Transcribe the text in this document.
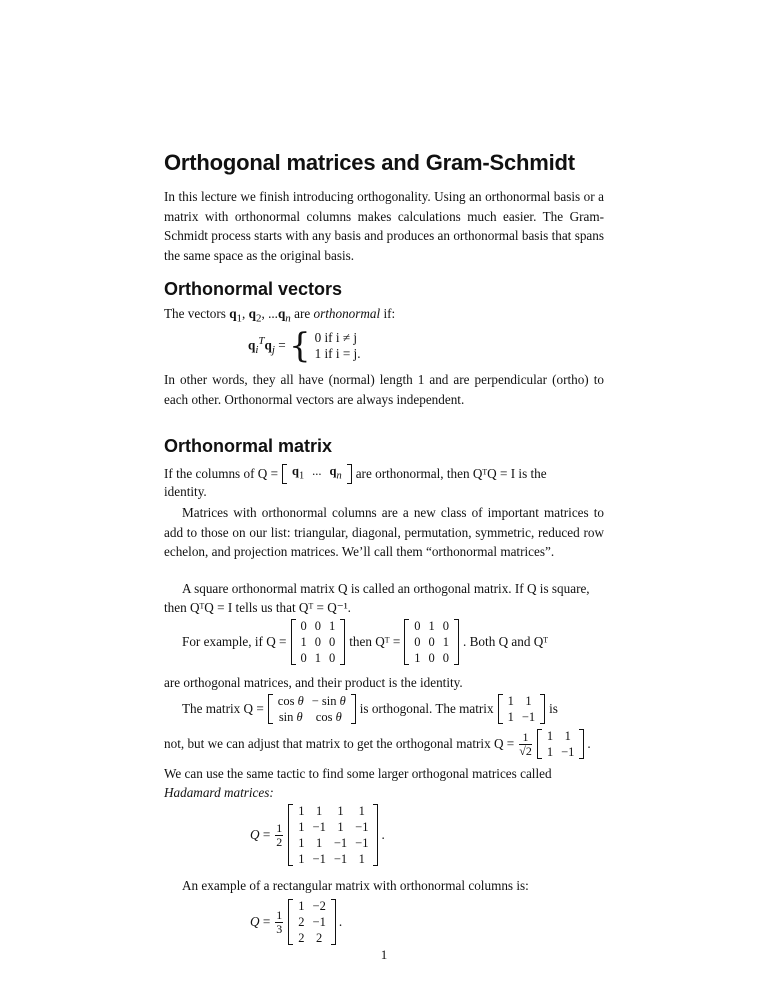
Orthogonal matrices and Gram-Schmidt
In this lecture we finish introducing orthogonality. Using an orthonormal basis or a matrix with orthonormal columns makes calculations much easier. The Gram-Schmidt process starts with any basis and produces an orthonormal basis that spans the same space as the original basis.
Orthonormal vectors
The vectors $q_1$, $q_2$, $...q_n$ are orthonormal if:
$q_i^Tq_j$ = { 0 if i ≠ j
1 if i = j.
In other words, they all have (normal) length 1 and are perpendicular (ortho) to each other. Orthonormal vectors are always independent.
Orthonormal matrix
If the columns of Q =	$q_1$ ... $q_n$	are orthonormal, then QᵀQ = I is the
identity.
Matrices with orthonormal columns are a new class of important matrices to add to those on our list: triangular, diagonal, permutation, symmetric, reduced row echelon, and projection matrices. We’ll call them “orthonormal matrices”.
A square orthonormal matrix Q is called an orthogonal matrix. If Q is square,
then QᵀQ = I tells us that Qᵀ = Q⁻¹.
For example, if Q =
0 0 1
1 0 0
0 1 0
then Qᵀ =
0 1 0
0 0 1
1 0 0
. Both Q and Qᵀ
are orthogonal matrices, and their product is the identity.
The matrix Q =	cos θ − sin θ
sin θ	cos θ
is orthogonal. The matrix	1 1
1 −1
is
not, but we can adjust that matrix to get the orthogonal matrix $Q = \frac{1}{√2}$	1 1
1 −1
.
We can use the same tactic to find some larger orthogonal matrices called
Hadamard matrices:
$Q = \frac{1}{2}$
1 1	1	1
1 −1 1 −1
1 1 −1 −1
1 −1 −1 1
.
An example of a rectangular matrix with orthonormal columns is:
$Q = \frac{1}{3}$
1 −2
2 −1
2 2
.
1
